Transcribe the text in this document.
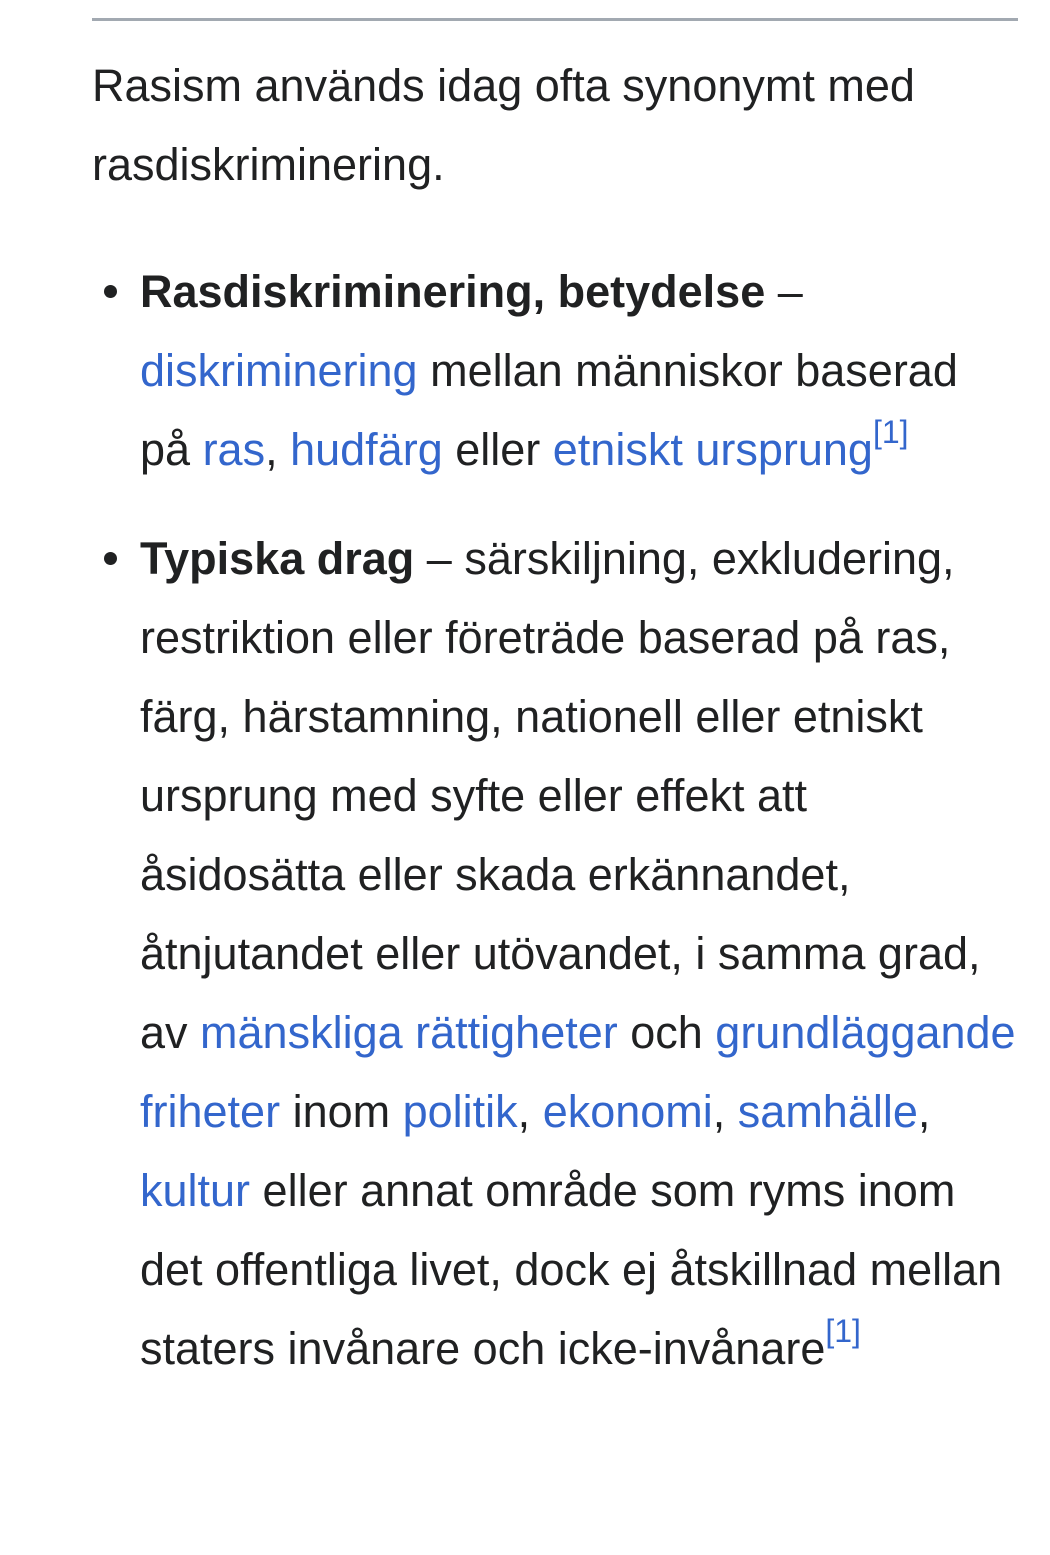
Rasism används idag ofta synonymt med rasdiskriminering.

Rasdiskriminering, betydelse – diskriminering mellan människor baserad på ras, hudfärg eller etniskt ursprung[1]
Typiska drag – särskiljning, exkludering, restriktion eller företräde baserad på ras, färg, härstamning, nationell eller etniskt ursprung med syfte eller effekt att åsidosätta eller skada erkännandet, åtnjutandet eller utövandet, i samma grad, av mänskliga rättigheter och grundläggande friheter inom politik, ekonomi, samhälle, kultur eller annat område som ryms inom det offentliga livet, dock ej åtskillnad mellan staters invånare och icke-invånare[1]
